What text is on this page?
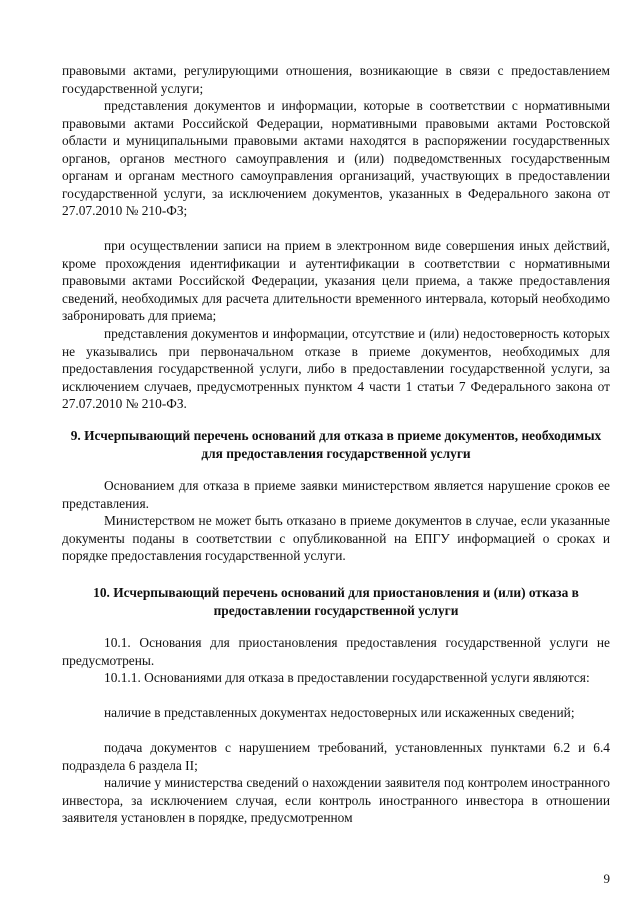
правовыми актами, регулирующими отношения, возникающие в связи с предоставлением государственной услуги;

представления документов и информации, которые в соответствии с нормативными правовыми актами Российской Федерации, нормативными правовыми актами Ростовской области и муниципальными правовыми актами находятся в распоряжении государственных органов, органов местного самоуправления и (или) подведомственных государственным органам и органам местного самоуправления организаций, участвующих в предоставлении государственной услуги, за исключением документов, указанных в Федерального закона от 27.07.2010 № 210-ФЗ;

при осуществлении записи на прием в электронном виде совершения иных действий, кроме прохождения идентификации и аутентификации в соответствии с нормативными правовыми актами Российской Федерации, указания цели приема, а также предоставления сведений, необходимых для расчета длительности временного интервала, который необходимо забронировать для приема;

представления документов и информации, отсутствие и (или) недостоверность которых не указывались при первоначальном отказе в приеме документов, необходимых для предоставления государственной услуги, либо в предоставлении государственной услуги, за исключением случаев, предусмотренных пунктом 4 части 1 статьи 7 Федерального закона от 27.07.2010 № 210-ФЗ.

9. Исчерпывающий перечень оснований для отказа в приеме документов, необходимых для предоставления государственной услуги

Основанием для отказа в приеме заявки министерством является нарушение сроков ее представления.

Министерством не может быть отказано в приеме документов в случае, если указанные документы поданы в соответствии с опубликованной на ЕПГУ информацией о сроках и порядке предоставления государственной услуги.

10. Исчерпывающий перечень оснований для приостановления и (или) отказа в предоставлении государственной услуги

10.1. Основания для приостановления предоставления государственной услуги не предусмотрены.

10.1.1. Основаниями для отказа в предоставлении государственной услуги являются:

наличие в представленных документах недостоверных или искаженных сведений;

подача документов с нарушением требований, установленных пунктами 6.2 и 6.4 подраздела 6 раздела II;

наличие у министерства сведений о нахождении заявителя под контролем иностранного инвестора, за исключением случая, если контроль иностранного инвестора в отношении заявителя установлен в порядке, предусмотренном

9
